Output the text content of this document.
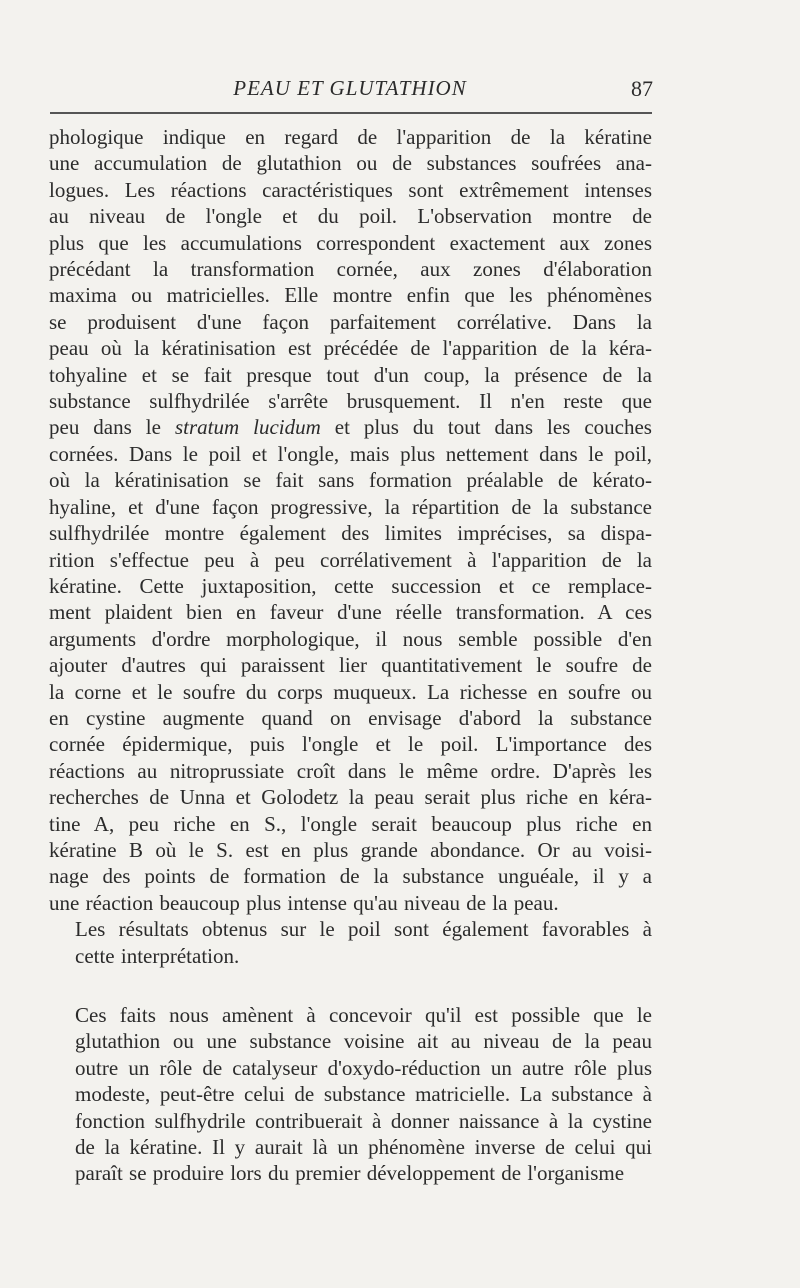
PEAU ET GLUTATHION	87

phologique indique en regard de l'apparition de la kératine
une accumulation de glutathion ou de substances soufrées ana-
logues. Les réactions caractéristiques sont extrêmement intenses
au niveau de l'ongle et du poil. L'observation montre de
plus que les accumulations correspondent exactement aux zones
précédant la transformation cornée, aux zones d'élaboration
maxima ou matricielles. Elle montre enfin que les phénomènes
se produisent d'une façon parfaitement corrélative. Dans la
peau où la kératinisation est précédée de l'apparition de la kéra-
tohyaline et se fait presque tout d'un coup, la présence de la
substance sulfhydrilée s'arrête brusquement. Il n'en reste que
peu dans le stratum lucidum et plus du tout dans les couches
cornées. Dans le poil et l'ongle, mais plus nettement dans le poil,
où la kératinisation se fait sans formation préalable de kérato-
hyaline, et d'une façon progressive, la répartition de la substance
sulfhydrilée montre également des limites imprécises, sa dispa-
rition s'effectue peu à peu corrélativement à l'apparition de la
kératine. Cette juxtaposition, cette succession et ce remplace-
ment plaident bien en faveur d'une réelle transformation. A ces
arguments d'ordre morphologique, il nous semble possible d'en
ajouter d'autres qui paraissent lier quantitativement le soufre de
la corne et le soufre du corps muqueux. La richesse en soufre ou
en cystine augmente quand on envisage d'abord la substance
cornée épidermique, puis l'ongle et le poil. L'importance des
réactions au nitroprussiate croît dans le même ordre. D'après les
recherches de Unna et Golodetz la peau serait plus riche en kéra-
tine A, peu riche en S., l'ongle serait beaucoup plus riche en
kératine B où le S. est en plus grande abondance. Or au voisi-
nage des points de formation de la substance unguéale, il y a
une réaction beaucoup plus intense qu'au niveau de la peau.

Les résultats obtenus sur le poil sont également favorables à
cette interprétation.

Ces faits nous amènent à concevoir qu'il est possible que le
glutathion ou une substance voisine ait au niveau de la peau
outre un rôle de catalyseur d'oxydo-réduction un autre rôle plus
modeste, peut-être celui de substance matricielle. La substance à
fonction sulfhydrile contribuerait à donner naissance à la cystine
de la kératine. Il y aurait là un phénomène inverse de celui qui
paraît se produire lors du premier développement de l'organisme
